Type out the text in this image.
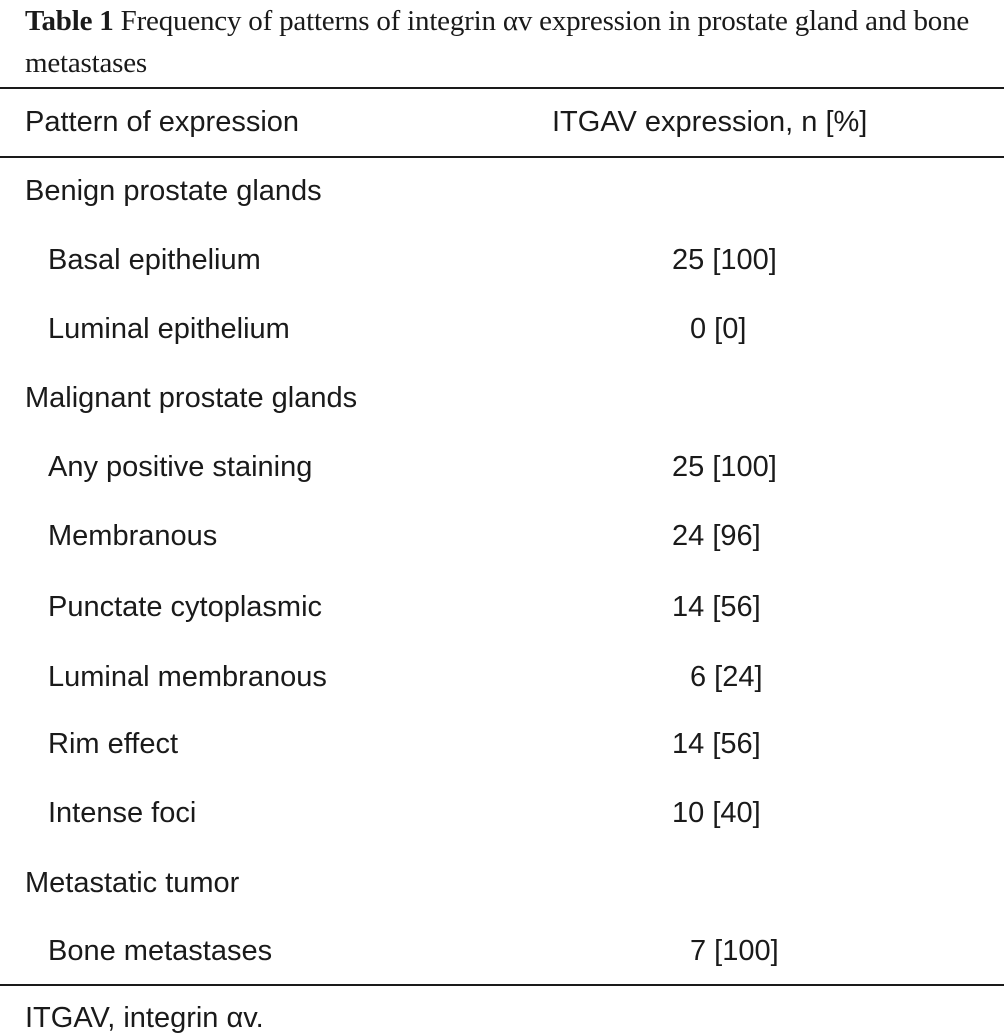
Table 1 Frequency of patterns of integrin αv expression in prostate gland and bone metastases
Pattern of expression	ITGAV expression, n [%]
Benign prostate glands
Basal epithelium	25 [100]
Luminal epithelium	0 [0]
Malignant prostate glands
Any positive staining	25 [100]
Membranous	24 [96]
Punctate cytoplasmic	14 [56]
Luminal membranous	6 [24]
Rim effect	14 [56]
Intense foci	10 [40]
Metastatic tumor
Bone metastases	7 [100]
ITGAV, integrin αv.
